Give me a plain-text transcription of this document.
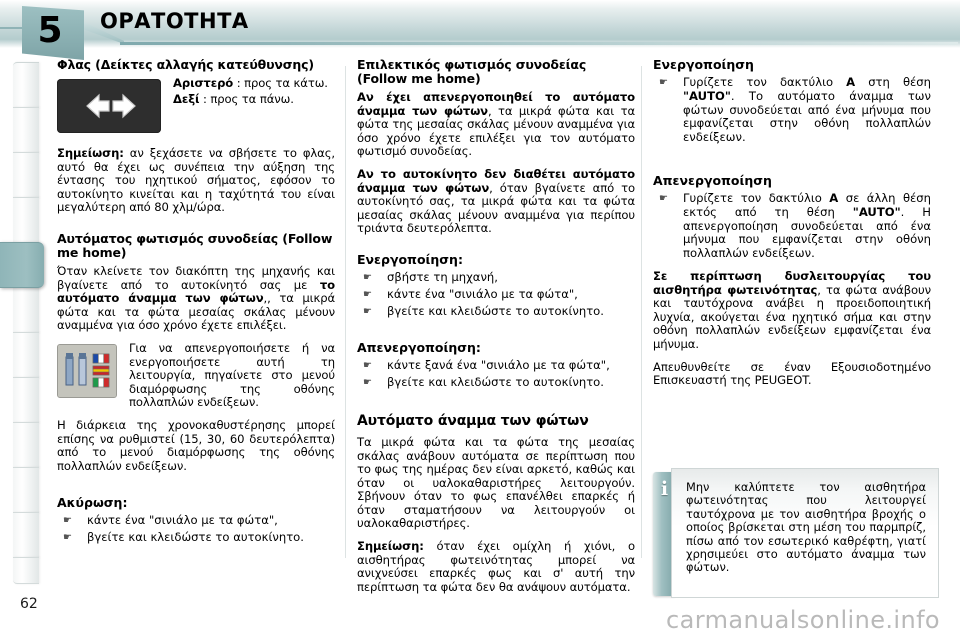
5	ΟΡΑΤΟΤΗΤΑ
62
Φλας (Δείκτες αλλαγής κατεύθυνσης)

Αριστερό : προς τα κάτω.

Δεξί : προς τα πάνω.

Σημείωση: αν ξεχάσετε να σβήσετε το φλας, αυτό θα έχει ως συνέπεια την αύξηση της έντασης του ηχητικού σήματος, εφόσον το αυτοκίνητο κινείται και η ταχύτητά του είναι μεγαλύτερη από 80 χλμ/ώρα.

Αυτόματος φωτισμός συνοδείας (Follow me home)

Όταν κλείνετε τον διακόπτη της μηχανής και βγαίνετε από το αυτοκίνητό σας με το αυτόματο άναμμα των φώτων,, τα μικρά φώτα και τα φώτα μεσαίας σκάλας μένουν αναμμένα για όσο χρόνο έχετε επιλέξει.

Για να απενεργοποιήσετε ή να ενεργοποιήσετε αυτή τη λειτουργία, πηγαίνετε στο μενού διαμόρφωσης της οθόνης πολλαπλών ενδείξεων.

Η διάρκεια της χρονοκαθυστέρησης μπορεί επίσης να ρυθμιστεί (15, 30, 60 δευτερόλεπτα) από το μενού διαμόρφωσης της οθόνης πολλαπλών ενδείξεων.

Ακύρωση:
☛ κάντε ένα "σινιάλο με τα φώτα",
☛ βγείτε και κλειδώστε το αυτοκίνητο.
Επιλεκτικός φωτισμός συνοδείας (Follow me home)

Αν έχει απενεργοποιηθεί το αυτόματο άναμμα των φώτων, τα μικρά φώτα και τα φώτα της μεσαίας σκάλας μένουν αναμμένα για όσο χρόνο έχετε επιλέξει για τον αυτόματο φωτισμό συνοδείας.

Αν το αυτοκίνητο δεν διαθέτει αυτόματο άναμμα των φώτων, όταν βγαίνετε από το αυτοκίνητό σας, τα μικρά φώτα και τα φώτα μεσαίας σκάλας μένουν αναμμένα για περίπου τριάντα δευτερόλεπτα.

Ενεργοποίηση:
☛ σβήστε τη μηχανή,
☛ κάντε ένα "σινιάλο με τα φώτα",
☛ βγείτε και κλειδώστε το αυτοκίνητο.
Απενεργοποίηση:
☛ κάντε ξανά ένα "σινιάλο με τα φώτα",
☛ βγείτε και κλειδώστε το αυτοκίνητο.
Αυτόματο άναμμα των φώτων

Τα μικρά φώτα και τα φώτα της μεσαίας σκάλας ανάβουν αυτόματα σε περίπτωση που το φως της ημέρας δεν είναι αρκετό, καθώς και όταν οι υαλοκαθαριστήρες λειτουργούν. Σβήνουν όταν το φως επανέλθει επαρκές ή όταν σταματήσουν να λειτουργούν οι υαλοκαθαριστήρες.

Σημείωση: όταν έχει ομίχλη ή χιόνι, ο αισθητήρας φωτεινότητας μπορεί να ανιχνεύσει επαρκές φως και σ' αυτή την περίπτωση τα φώτα δεν θα ανάψουν αυτόματα.

Ενεργοποίηση
☛ Γυρίζετε τον δακτύλιο A στη θέση "AUTO". Το αυτόματο άναμμα των φώτων συνοδεύεται από ένα μήνυμα που εμφανίζεται στην οθόνη πολλαπλών ενδείξεων.
Απενεργοποίηση
☛ Γυρίζετε τον δακτύλιο A σε άλλη θέση εκτός από τη θέση "AUTO". Η απενεργοποίηση συνοδεύεται από ένα μήνυμα που εμφανίζεται στην οθόνη πολλαπλών ενδείξεων.

Σε περίπτωση δυσλειτουργίας του αισθητήρα φωτεινότητας, τα φώτα ανάβουν και ταυτόχρονα ανάβει η προειδοποιητική λυχνία, ακούγεται ένα ηχητικό σήμα και στην οθόνη πολλαπλών ενδείξεων εμφανίζεται ένα μήνυμα.

Απευθυνθείτε σε έναν Εξουσιοδοτημένο Επισκευαστή της PEUGEOT.

i	Μην καλύπτετε τον αισθητήρα φωτεινότητας που λειτουργεί ταυτόχρονα με τον αισθητήρα βροχής ο οποίος βρίσκεται στη μέση του παρμπρίζ, πίσω από τον εσωτερικό καθρέφτη, γιατί χρησιμεύει στο αυτόματο άναμμα των φώτων.

carmanualsonline.info
